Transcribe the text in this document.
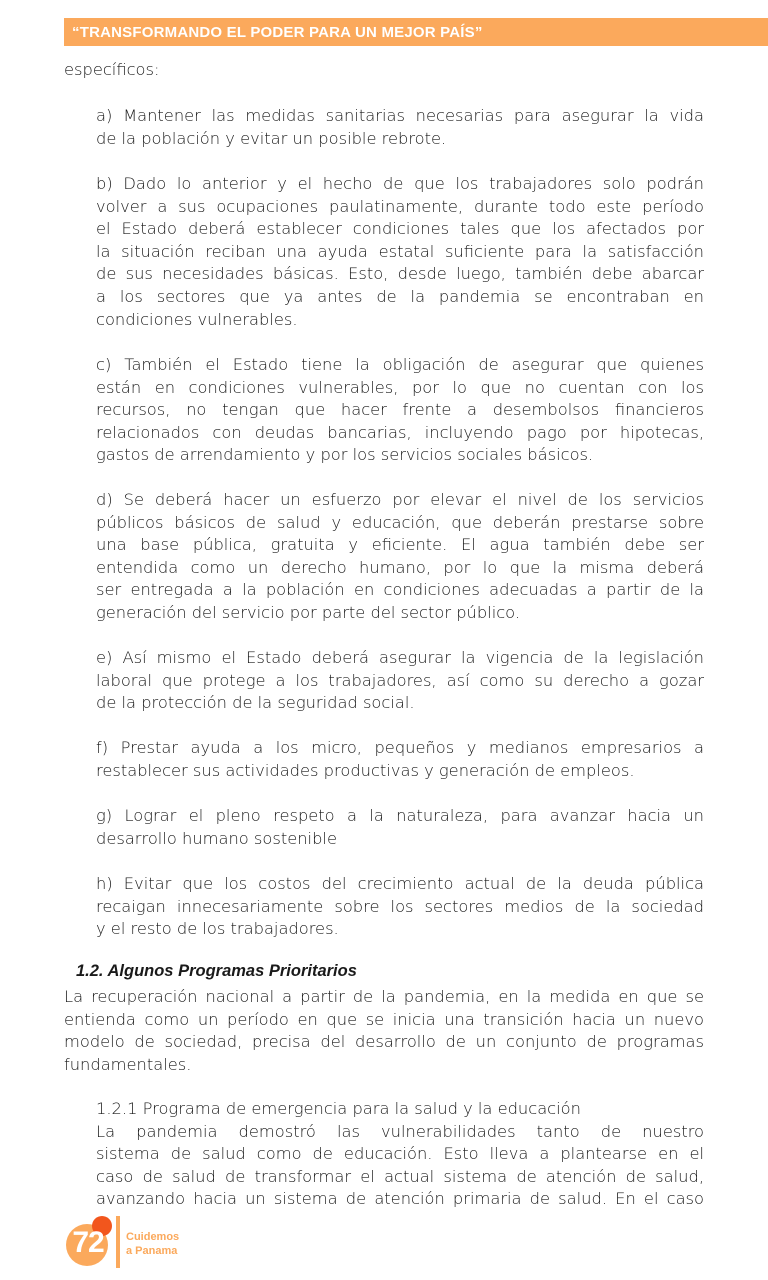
“TRANSFORMANDO EL PODER PARA UN MEJOR PAÍS”
específicos:
a) Mantener las medidas sanitarias necesarias para asegurar la vida
de la población y evitar un posible rebrote.
b) Dado lo anterior y el hecho de que los trabajadores solo podrán
volver a sus ocupaciones paulatinamente, durante todo este período
el Estado deberá establecer condiciones tales que los afectados por
la situación reciban una ayuda estatal suficiente para la satisfacción
de sus necesidades básicas. Esto, desde luego, también debe abarcar
a los sectores que ya antes de la pandemia se encontraban en
condiciones vulnerables.
c) También el Estado tiene la obligación de asegurar que quienes
están en condiciones vulnerables, por lo que no cuentan con los
recursos, no tengan que hacer frente a desembolsos financieros
relacionados con deudas bancarias, incluyendo pago por hipotecas,
gastos de arrendamiento y por los servicios sociales básicos.
d) Se deberá hacer un esfuerzo por elevar el nivel de los servicios
públicos básicos de salud y educación, que deberán prestarse sobre
una base pública, gratuita y eficiente. El agua también debe ser
entendida como un derecho humano, por lo que la misma deberá
ser entregada a la población en condiciones adecuadas a partir de la
generación del servicio por parte del sector público.
e) Así mismo el Estado deberá asegurar la vigencia de la legislación
laboral que protege a los trabajadores, así como su derecho a gozar
de la protección de la seguridad social.
f) Prestar ayuda a los micro, pequeños y medianos empresarios a
restablecer sus actividades productivas y generación de empleos.
g) Lograr el pleno respeto a la naturaleza, para avanzar hacia un
desarrollo humano sostenible
h) Evitar que los costos del crecimiento actual de la deuda pública
recaigan innecesariamente sobre los sectores medios de la sociedad
y el resto de los trabajadores.
La recuperación nacional a partir de la pandemia, en la medida en que se
entienda como un período en que se inicia una transición hacia un nuevo
modelo de sociedad, precisa del desarrollo de un conjunto de programas
fundamentales.
1.2.1 Programa de emergencia para la salud y la educación
La pandemia demostró las vulnerabilidades tanto de nuestro
sistema de salud como de educación. Esto lleva a plantearse en el
caso de salud de transformar el actual sistema de atención de salud,
avanzando hacia un sistema de atención primaria de salud. En el caso
1.2. Algunos Programas Prioritarios
72	Cuidemos
a Panama
